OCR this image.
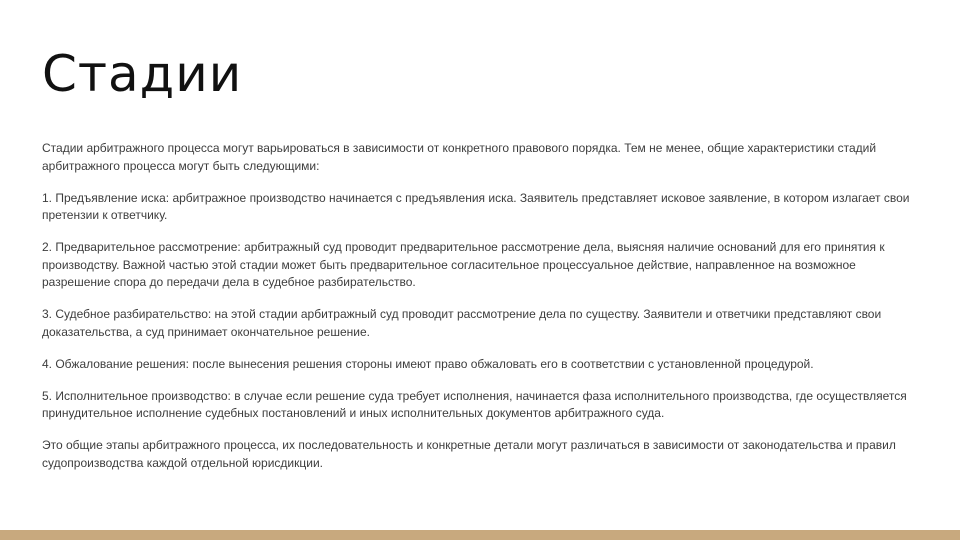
Стадии

Стадии арбитражного процесса могут варьироваться в зависимости от конкретного правового порядка. Тем не менее, общие характеристики стадий арбитражного процесса могут быть следующими:

1. Предъявление иска: арбитражное производство начинается с предъявления иска. Заявитель представляет исковое заявление, в котором излагает свои претензии к ответчику.

2. Предварительное рассмотрение: арбитражный суд проводит предварительное рассмотрение дела, выясняя наличие оснований для его принятия к производству. Важной частью этой стадии может быть предварительное согласительное процессуальное действие, направленное на возможное разрешение спора до передачи дела в судебное разбирательство.

3. Судебное разбирательство: на этой стадии арбитражный суд проводит рассмотрение дела по существу. Заявители и ответчики представляют свои доказательства, а суд принимает окончательное решение.

4. Обжалование решения: после вынесения решения стороны имеют право обжаловать его в соответствии с установленной процедурой.

5. Исполнительное производство: в случае если решение суда требует исполнения, начинается фаза исполнительного производства, где осуществляется принудительное исполнение судебных постановлений и иных исполнительных документов арбитражного суда.

Это общие этапы арбитражного процесса, их последовательность и конкретные детали могут различаться в зависимости от законодательства и правил судопроизводства каждой отдельной юрисдикции.
